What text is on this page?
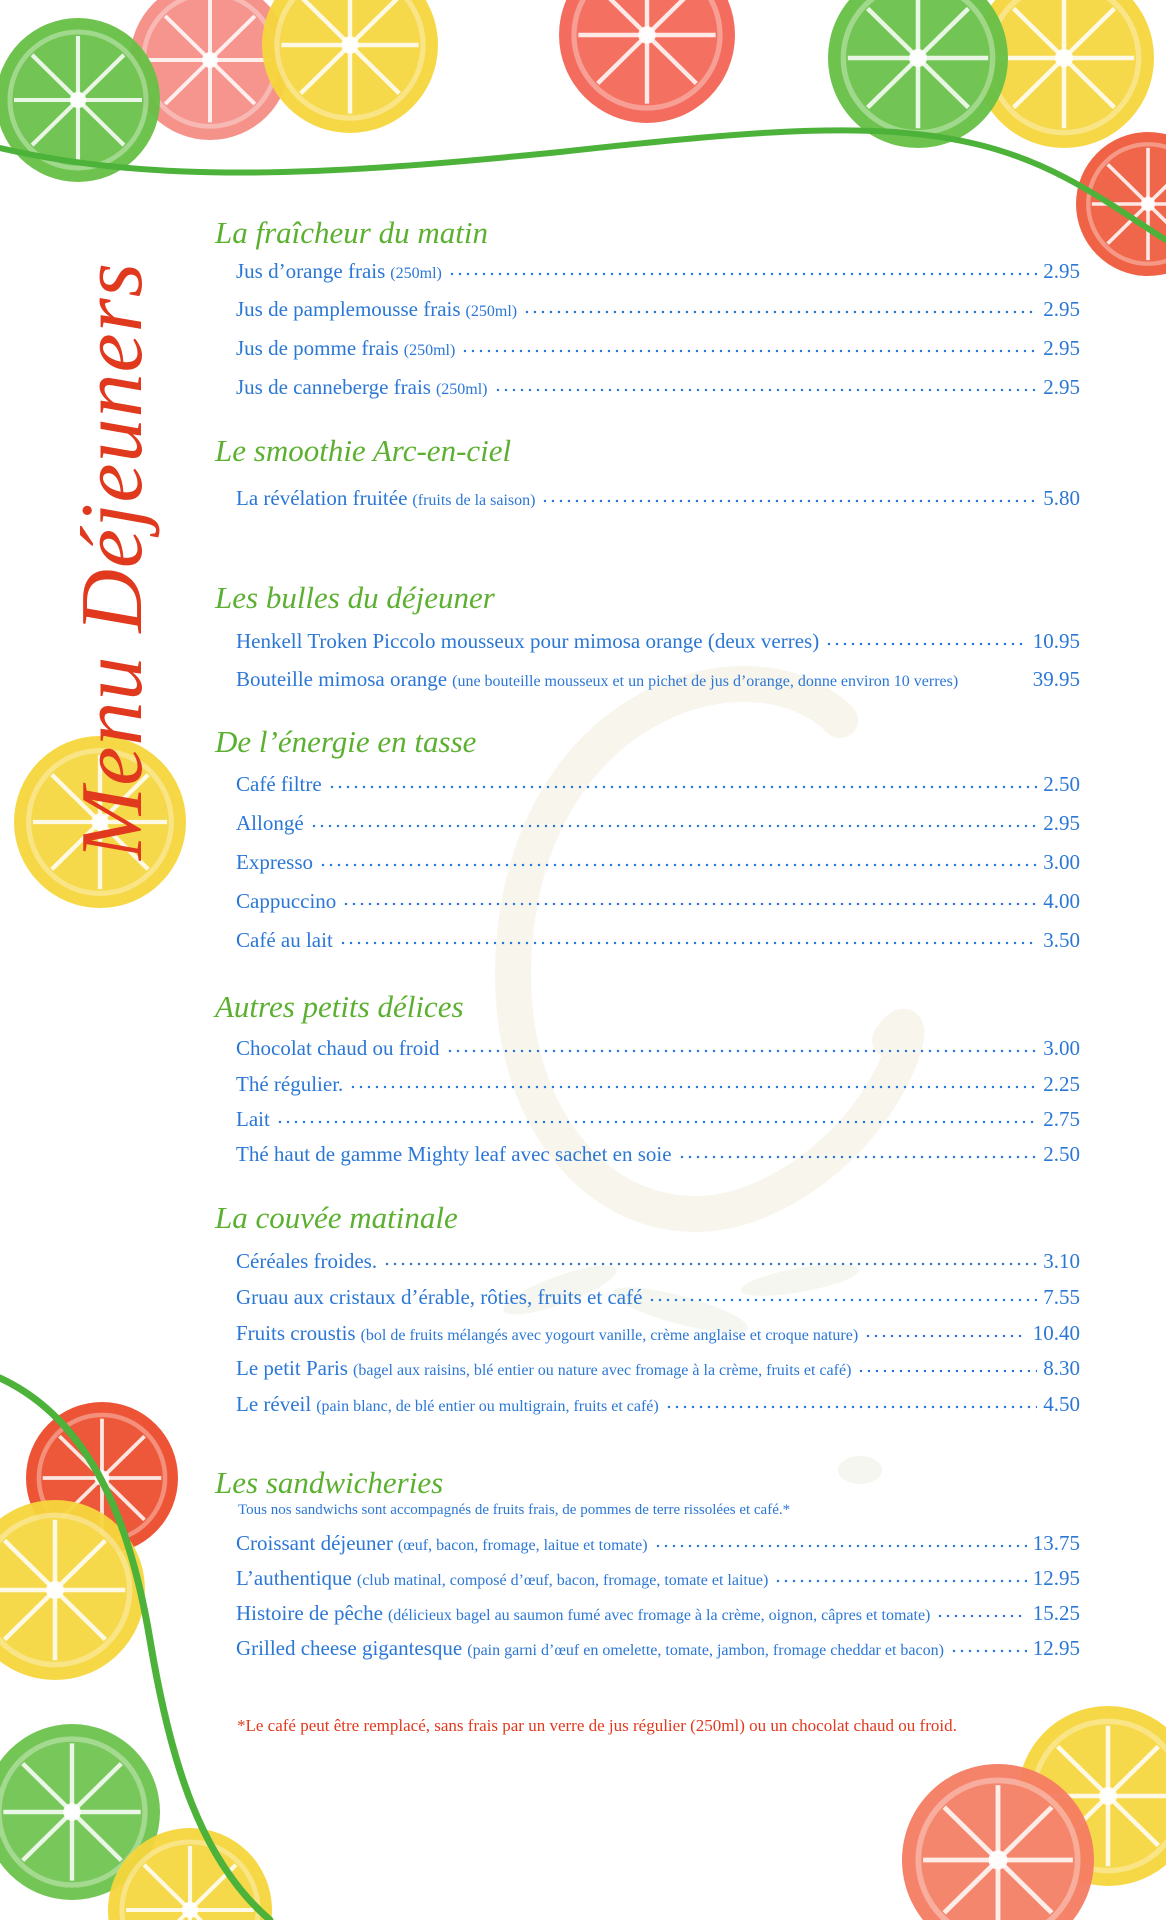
Menu Déjeuners
La fraîcheur du matin
Jus d’orange frais (250ml)	2.95
Jus de pamplemousse frais (250ml)	2.95
Jus de pomme frais (250ml)	2.95
Jus de canneberge frais (250ml)	2.95
Le smoothie Arc-en-ciel
La révélation fruitée (fruits de la saison)	5.80
Les bulles du déjeuner
Henkell Troken Piccolo mousseux pour mimosa orange (deux verres)	10.95
Bouteille mimosa orange (une bouteille mousseux et un pichet de jus d’orange, donne environ 10 verres)	39.95
De l’énergie en tasse
Café filtre	2.50
Allongé	2.95
Expresso	3.00
Cappuccino	4.00
Café au lait	3.50
Autres petits délices
Chocolat chaud ou froid	3.00
Thé régulier.	2.25
Lait	2.75
Thé haut de gamme Mighty leaf avec sachet en soie	2.50
La couvée matinale
Céréales froides.	3.10
Gruau aux cristaux d’érable, rôties, fruits et café	7.55
Fruits croustis (bol de fruits mélangés avec yogourt vanille, crème anglaise et croque nature)	10.40
Le petit Paris (bagel aux raisins, blé entier ou nature avec fromage à la crème, fruits et café)	8.30
Le réveil (pain blanc, de blé entier ou multigrain, fruits et café)	4.50
Les sandwicheries
Tous nos sandwichs sont accompagnés de fruits frais, de pommes de terre rissolées et café.*
Croissant déjeuner (œuf, bacon, fromage, laitue et tomate)	13.75
L’authentique (club matinal, composé d’œuf, bacon, fromage, tomate et laitue)	12.95
Histoire de pêche (délicieux bagel au saumon fumé avec fromage à la crème, oignon, câpres et tomate)	15.25
Grilled cheese gigantesque (pain garni d’œuf en omelette, tomate, jambon, fromage cheddar et bacon)	12.95
*Le café peut être remplacé, sans frais par un verre de jus régulier (250ml) ou un chocolat chaud ou froid.
